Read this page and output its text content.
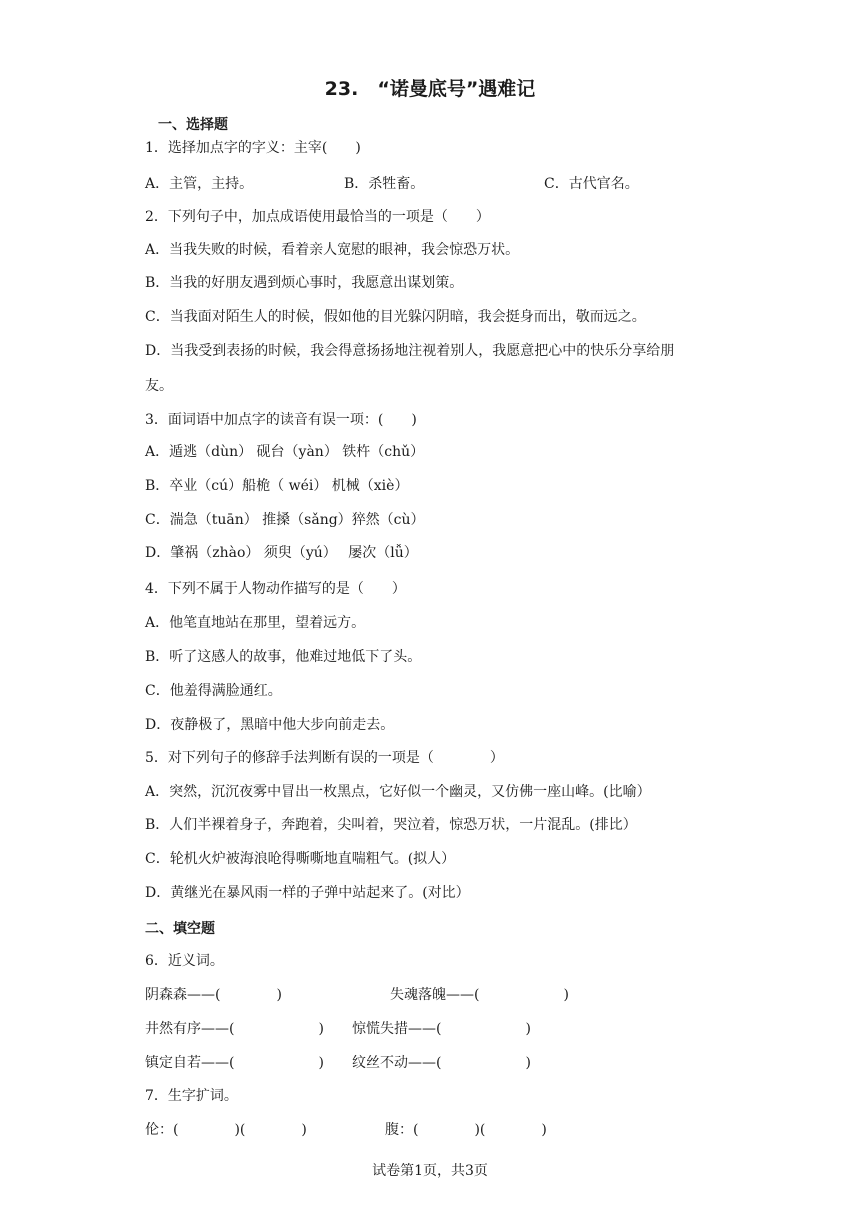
23.　“诺曼底号”遇难记
一、选择题
1．选择加点字的字义：主宰(　　)
A．主管，主持。	B．杀牲畜。	C．古代官名。
2．下列句子中，加点成语使用最恰当的一项是（　　）
A．当我失败的时候，看着亲人宽慰的眼神，我会惊恐万状。
B．当我的好朋友遇到烦心事时，我愿意出谋划策。
C．当我面对陌生人的时候，假如他的目光躲闪阴暗，我会挺身而出，敬而远之。
D．当我受到表扬的时候，我会得意扬扬地注视着别人，我愿意把心中的快乐分享给朋
友。
3．面词语中加点字的读音有误一项：(　　)
A．遁逃（dùn） 砚台（yàn） 铁杵（chǔ）
B．卒业（cú）船桅（ wéi） 机械（xiè）
C．湍急（tuān） 推搡（sǎng）猝然（cù）
D．肇祸（zhào） 须臾（yú）　 屡次（lǚ）
4．下列不属于人物动作描写的是（　　）
A．他笔直地站在那里，望着远方。
B．听了这感人的故事，他难过地低下了头。
C．他羞得满脸通红。
D．夜静极了，黑暗中他大步向前走去。
5．对下列句子的修辞手法判断有误的一项是（　　　　）
A．突然，沉沉夜雾中冒出一枚黑点，它好似一个幽灵，又仿佛一座山峰。(比喻）
B．人们半裸着身子，奔跑着，尖叫着，哭泣着，惊恐万状，一片混乱。(排比）
C．轮机火炉被海浪呛得嘶嘶地直喘粗气。(拟人）
D．黄继光在暴风雨一样的子弹中站起来了。(对比）
二、填空题
6．近义词。
阴森森——(　　　　)	失魂落魄——(　　　　　　)
井然有序——(　　　　　　) 惊慌失措——(　　　　　　)
镇定自若——(　　　　　　) 纹丝不动——(　　　　　　)
7．生字扩词。
伦：(　　　　)(　　　　)	腹：(　　　　)(　　　　)
试卷第1页，共3页
